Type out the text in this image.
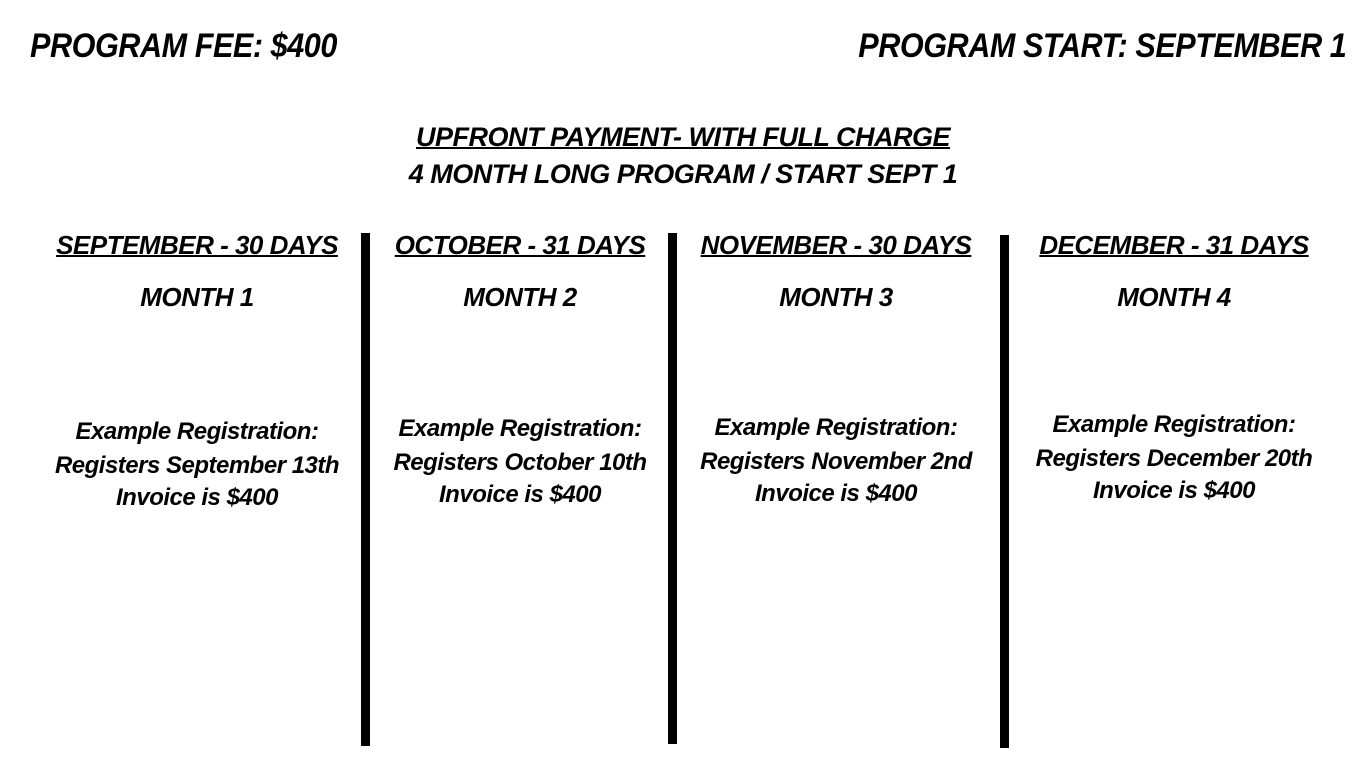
PROGRAM FEE: $400	PROGRAM START: SEPTEMBER 1
UPFRONT PAYMENT- WITH FULL CHARGE
4 MONTH LONG PROGRAM / START SEPT 1
SEPTEMBER - 30 DAYS
MONTH 1
Example Registration:
Registers September 13th
Invoice is $400
OCTOBER - 31 DAYS
MONTH 2
Example Registration:
Registers October 10th
Invoice is $400
NOVEMBER - 30 DAYS
MONTH 3
Example Registration:
Registers November 2nd
Invoice is $400
DECEMBER - 31 DAYS
MONTH 4
Example Registration:
Registers December 20th
Invoice is $400
